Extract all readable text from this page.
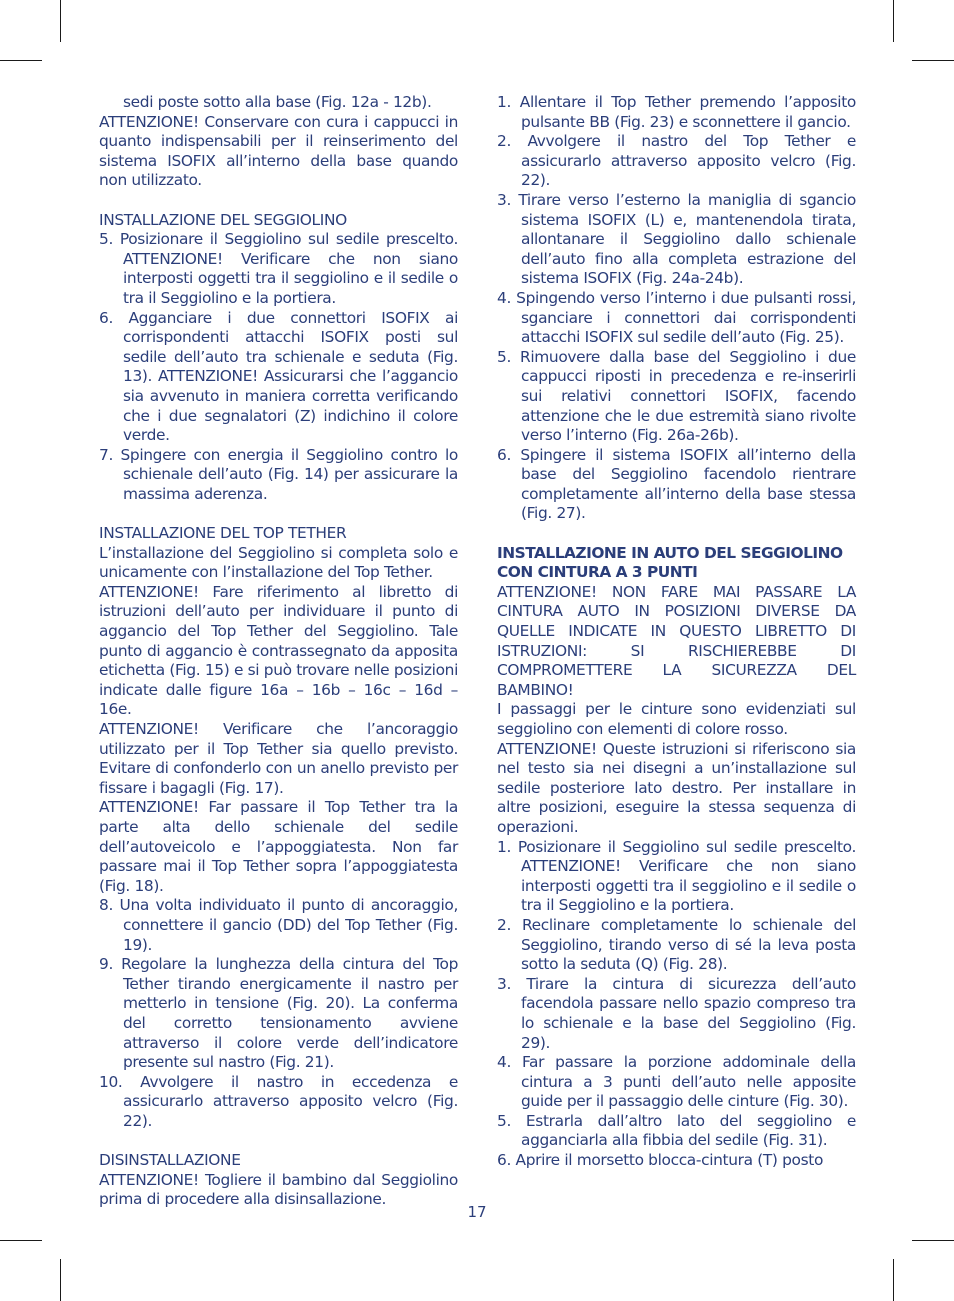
sedi poste sotto alla base (Fig. 12a - 12b).

ATTENZIONE! Conservare con cura i cappucci in quanto indispensabili per il reinserimento del sistema ISOFIX all’interno della base quando non utilizzato.

INSTALLAZIONE DEL SEGGIOLINO

5. Posizionare il Seggiolino sul sedile prescelto. ATTENZIONE! Verificare che non siano interposti oggetti tra il seggiolino e il sedile o tra il Seggiolino e la portiera.

6. Agganciare i due connettori ISOFIX ai corrispondenti attacchi ISOFIX posti sul sedile dell’auto tra schienale e seduta (Fig. 13). ATTENZIONE! Assicurarsi che l’aggancio sia avvenuto in maniera corretta verificando che i due segnalatori (Z) indichino il colore verde.

7. Spingere con energia il Seggiolino contro lo schienale dell’auto (Fig. 14) per assicurare la massima aderenza.

INSTALLAZIONE DEL TOP TETHER

L’installazione del Seggiolino si completa solo e unicamente con l’installazione del Top Tether.

ATTENZIONE! Fare riferimento al libretto di istruzioni dell’auto per individuare il punto di aggancio del Top Tether del Seggiolino. Tale punto di aggancio è contrassegnato da apposita etichetta (Fig. 15) e si può trovare nelle posizioni indicate dalle figure 16a – 16b – 16c – 16d – 16e.

ATTENZIONE! Verificare che l’ancoraggio utilizzato per il Top Tether sia quello previsto. Evitare di confonderlo con un anello previsto per fissare i bagagli (Fig. 17).

ATTENZIONE! Far passare il Top Tether tra la parte alta dello schienale del sedile dell’autoveicolo e l’appoggiatesta. Non far passare mai il Top Tether sopra l’appoggiatesta (Fig. 18).

8. Una volta individuato il punto di ancoraggio, connettere il gancio (DD) del Top Tether (Fig. 19).

9. Regolare la lunghezza della cintura del Top Tether tirando energicamente il nastro per metterlo in tensione (Fig. 20). La conferma del corretto tensionamento avviene attraverso il colore verde dell’indicatore presente sul nastro (Fig. 21).

10. Avvolgere il nastro in eccedenza e assicurarlo attraverso apposito velcro (Fig. 22).

DISINSTALLAZIONE

ATTENZIONE! Togliere il bambino dal Seggiolino prima di procedere alla disinsallazione.

1. Allentare il Top Tether premendo l’apposito pulsante BB (Fig. 23) e sconnettere il gancio.

2. Avvolgere il nastro del Top Tether e assicurarlo attraverso apposito velcro (Fig. 22).

3. Tirare verso l’esterno la maniglia di sgancio sistema ISOFIX (L) e, mantenendola tirata, allontanare il Seggiolino dallo schienale dell’auto fino alla completa estrazione del sistema ISOFIX (Fig. 24a-24b).

4. Spingendo verso l’interno i due pulsanti rossi, sganciare i connettori dai corrispondenti attacchi ISOFIX sul sedile dell’auto (Fig. 25).

5. Rimuovere dalla base del Seggiolino i due cappucci riposti in precedenza e re-inserirli sui relativi connettori ISOFIX, facendo attenzione che le due estremità siano rivolte verso l’interno (Fig. 26a-26b).

6. Spingere il sistema ISOFIX all’interno della base del Seggiolino facendolo rientrare completamente all’interno della base stessa (Fig. 27).

INSTALLAZIONE IN AUTO DEL SEGGIOLINO CON CINTURA A 3 PUNTI

ATTENZIONE! NON FARE MAI PASSARE LA CINTURA AUTO IN POSIZIONI DIVERSE DA QUELLE INDICATE IN QUESTO LIBRETTO DI ISTRUZIONI: SI RISCHIEREBBE DI COMPROMETTERE LA SICUREZZA DEL BAMBINO!

I passaggi per le cinture sono evidenziati sul seggiolino con elementi di colore rosso.

ATTENZIONE! Queste istruzioni si riferiscono sia nel testo sia nei disegni a un’installazione sul sedile posteriore lato destro. Per installare in altre posizioni, eseguire la stessa sequenza di operazioni.

1. Posizionare il Seggiolino sul sedile prescelto. ATTENZIONE! Verificare che non siano interposti oggetti tra il seggiolino e il sedile o tra il Seggiolino e la portiera.

2. Reclinare completamente lo schienale del Seggiolino, tirando verso di sé la leva posta sotto la seduta (Q) (Fig. 28).

3. Tirare la cintura di sicurezza dell’auto facendola passare nello spazio compreso tra lo schienale e la base del Seggiolino (Fig. 29).

4. Far passare la porzione addominale della cintura a 3 punti dell’auto nelle apposite guide per il passaggio delle cinture (Fig. 30).

5. Estrarla dall’altro lato del seggiolino e agganciarla alla fibbia del sedile (Fig. 31).

6. Aprire il morsetto blocca-cintura (T) posto

17
